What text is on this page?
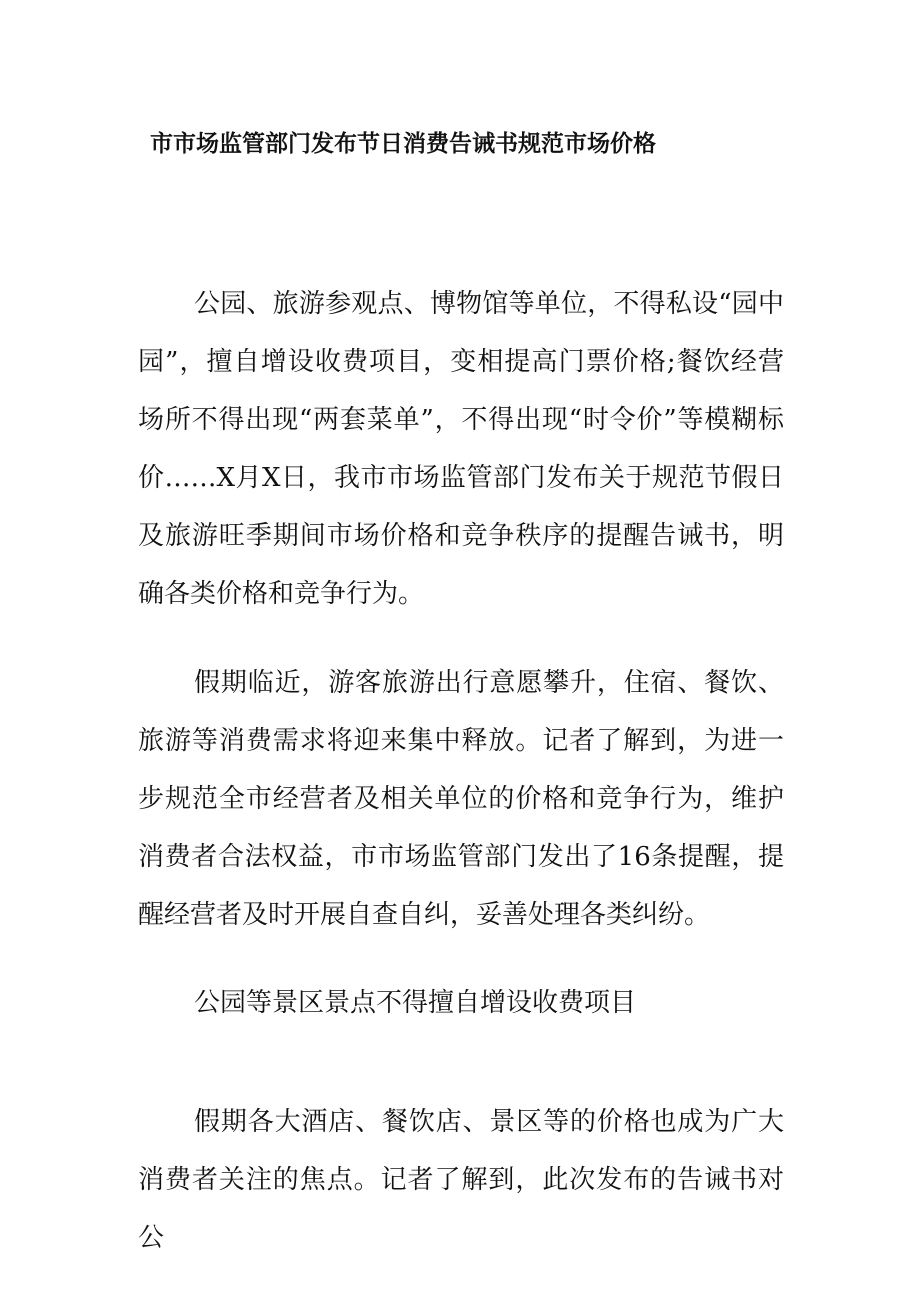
市市场监管部门发布节日消费告诫书规范市场价格

公园、旅游参观点、博物馆等单位，不得私设“园中园”，擅自增设收费项目，变相提高门票价格;餐饮经营场所不得出现“两套菜单”，不得出现“时令价”等模糊标价……X月X日，我市市场监管部门发布关于规范节假日及旅游旺季期间市场价格和竞争秩序的提醒告诫书，明确各类价格和竞争行为。

假期临近，游客旅游出行意愿攀升，住宿、餐饮、旅游等消费需求将迎来集中释放。记者了解到，为进一步规范全市经营者及相关单位的价格和竞争行为，维护消费者合法权益，市市场监管部门发出了16条提醒，提醒经营者及时开展自查自纠，妥善处理各类纠纷。

公园等景区景点不得擅自增设收费项目

假期各大酒店、餐饮店、景区等的价格也成为广大消费者关注的焦点。记者了解到，此次发布的告诫书对公
